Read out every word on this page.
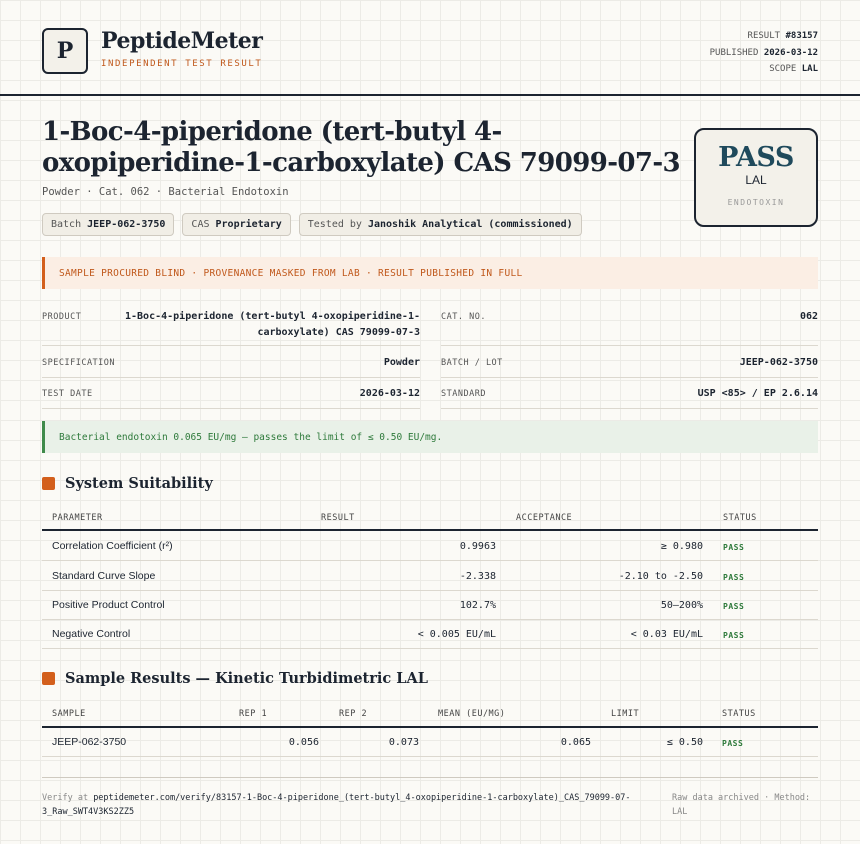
P	PeptideMeter
INDEPENDENT TEST RESULT
RESULT #83157
PUBLISHED 2026-03-12
SCOPE LAL
1-Boc-4-piperidone (tert-butyl 4-oxopiperidine-1-carboxylate) CAS 79099-07-3
Powder · Cat. 062 · Bacterial Endotoxin
Batch JEEP-062-3750	CAS Proprietary	Tested by Janoshik Analytical (commissioned)
PASS
LAL
ENDOTOXIN
SAMPLE PROCURED BLIND · PROVENANCE MASKED FROM LAB · RESULT PUBLISHED IN FULL
PRODUCT	1-Boc-4-piperidone (tert-butyl 4-oxopiperidine-1-carboxylate) CAS 79099-07-3
CAT. NO.	062
SPECIFICATION	Powder BATCH / LOT	JEEP-062-3750
TEST DATE	2026-03-12 STANDARD	USP <85> / EP 2.6.14
Bacterial endotoxin 0.065 EU/mg — passes the limit of ≤ 0.50 EU/mg.
System Suitability
PARAMETER	RESULT	ACCEPTANCE	STATUS
Correlation Coefficient (r²)	0.9963	≥ 0.980	PASS
Standard Curve Slope	-2.338	-2.10 to -2.50	PASS
Positive Product Control	102.7%	50–200%	PASS
Negative Control	< 0.005 EU/mL	< 0.03 EU/mL	PASS
Sample Results — Kinetic Turbidimetric LAL
SAMPLE	REP 1	REP 2	MEAN (EU/MG)	LIMIT	STATUS
JEEP-062-3750	0.056	0.073	0.065	≤ 0.50 PASS
Verify at peptidemeter.com/verify/83157-1-Boc-4-piperidone_(tert-butyl_4-oxopiperidine-1-carboxylate)_CAS_79099-07-3_Raw_SWT4V3KS2ZZ5
Raw data archived · Method: LAL
